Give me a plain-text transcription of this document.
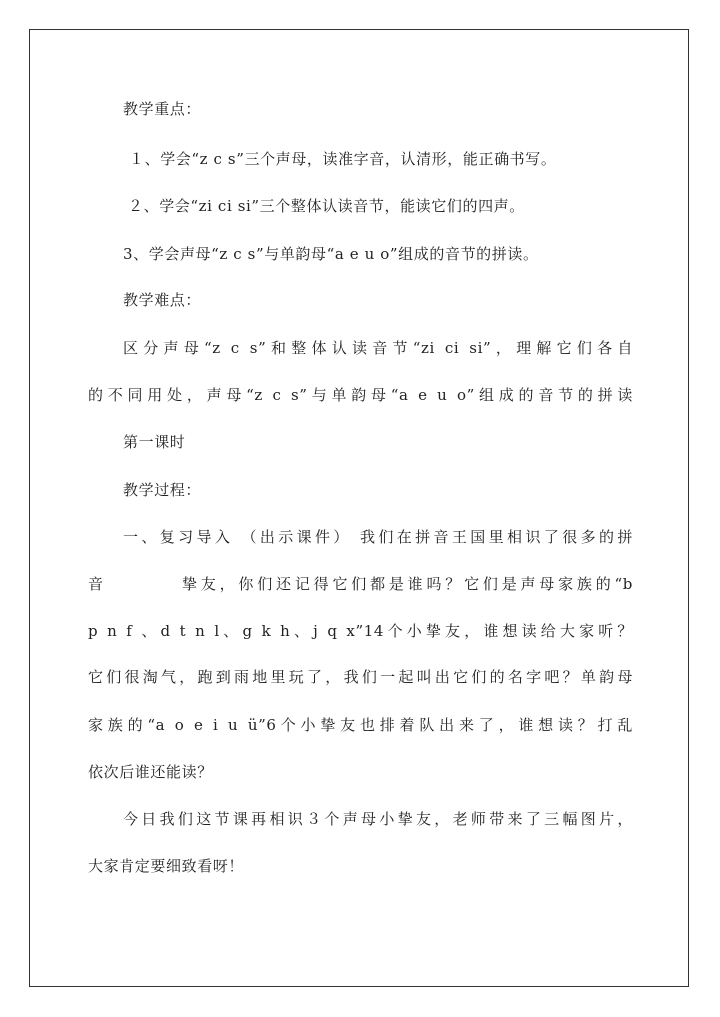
教学重点：
１、学会“z c s”三个声母，读准字音，认清形，能正确书写。
２、学会“zi ci si”三个整体认读音节，能读它们的四声。
3、学会声母“z c s”与单韵母“a e u o”组成的音节的拼读。
教学难点：
区分声母“z c s”和整体认读音节“zi ci si”，理解它们各自
的不同用处，声母“z c s”与单韵母“a e u o”组成的音节的拼读
第一课时
教学过程：
一、复习导入 （出示课件） 我们在拼音王国里相识了很多的拼
音　　　　挚友，你们还记得它们都是谁吗？它们是声母家族的“b
p n f 、d t n l、g k h、j q x”14个小挚友，谁想读给大家听？
它们很淘气，跑到雨地里玩了，我们一起叫出它们的名字吧？单韵母
家族的“a o e i u ü”6个小挚友也排着队出来了，谁想读？打乱
依次后谁还能读？
今日我们这节课再相识３个声母小挚友，老师带来了三幅图片，
大家肯定要细致看呀！
